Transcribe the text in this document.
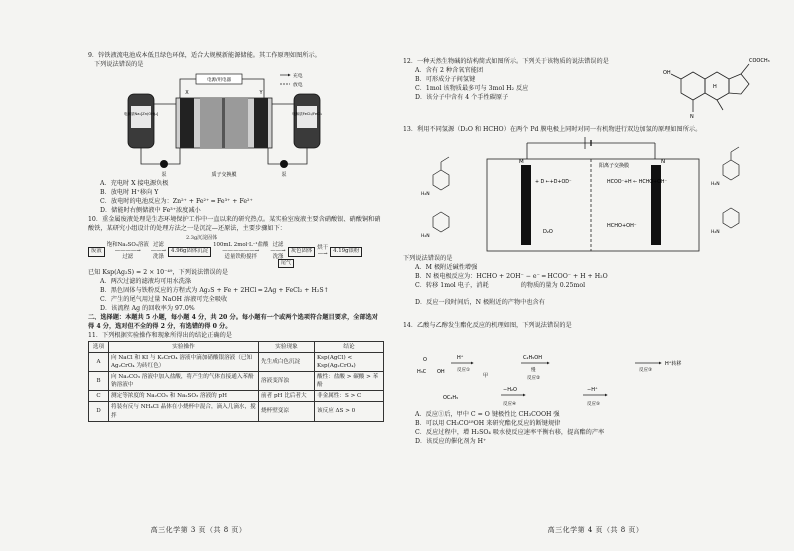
9．锌铁液流电池成本低且绿色环保，适合大规模新能源储能。其工作原理如图所示。

下列说法错误的是

电源/用电器
充电
放电
X	Y
电解质Na₂[Zn(OH)₄]	电解质FeCl₃/FeCl₂
泵	质子交换膜	泵

A．充电时 X 接电源负极

B．放电时 H⁺移向 Y

C．放电时的电池反应为：Zn²⁺ + Fe²⁺ ═ Fe³⁺ + Fe²⁺

D．储能时右侧储液中 Fe³⁺浓度减小

10．重金属废液处理是生态环境保护工作中一直以来的研究热点。某实验室废液主要含硝酸银、硝酸铜和硝酸铁，某研究小组设计的处理方法之一是沉淀—还原法，主要步骤如下：

2.3g沉淀固体
废液
饱和Na₂SO₃溶液
————→
过滤
过滤
——→
洗涤
4.96g固体沉淀
100mL 2mol·L⁻¹盐酸
——————→
适量铁粉搅拌
过滤
——→
洗涤
灰色固体
烘干
—→	4.19g银粉
尾气

已知 Ksp(Ag₂S) = 2 × 10⁻⁴⁹，下列说法错误的是

A．两次过滤的滤液均可用水洗涤

B．黑色固体与铁粉反应的方程式为 Ag₂S + Fe + 2HCl ═ 2Ag + FeCl₂ + H₂S↑

C．产生的尾气用过量 NaOH 溶液可完全吸收

D．该流程 Ag 的回收率为 97.0%

二、选择题：本题共 5 小题，每小题 4 分，共 20 分。每小题有一个或两个选项符合题目要求，全部选对得 4 分，选对但不全的得 2 分，有选错的得 0 分。

11．下列根据实验操作和现象所得出的结论正确的是

选项	实验操作	实验现象	结论
A	向 NaCl 和 KI 与 K₂CrO₄ 溶液中滴加硝酸银溶液（已知 Ag₂CrO₄ 为砖红色）	先生成白色沉淀	Ksp(AgCl) < Ksp(Ag₂CrO₄)
B	向 Na₂CO₃ 溶液中加入盐酸，将产生的气体直接通入苯酚钠溶液中	溶液变浑浊	酸性：盐酸 > 碳酸 > 苯酚
C	测定等浓度的 Na₂CO₃ 和 Na₂SO₃ 溶液的 pH	前者 pH 比后者大	非金属性：S > C
D	将装有反与 NH₄Cl 晶体在小烧杯中混合，滴入几滴水，搅拌	烧杯壁变凉	该反应 ΔS > 0
高三化学第 3 页（共 8 页）

12．一种天然生物碱的结构简式如图所示。下列关于该物质的说法错误的是

A．含有 2 种含氧官能团

B．可形成分子间氢键

C．1mol 该物质最多可与 3mol H₂ 反应

D．该分子中含有 4 个手性碳原子

COOCH₃
OH
N
H

13．利用不同氢源（D₂O 和 HCHO）在两个 Pd 膜电极上同时对同一有机物进行双边加氢的原理如图所示。

M	N
阳离子交换膜
+ D ←+D+OD⁻	HCOO⁻+H ← HCHO+OH⁻
D₂O
HCHO+OH⁻
H₂N
H₂N
H₂N
H₂N

下列说法错误的是

A．M 极附近碱性增强

B．N 极电极反应为：HCHO + 2OH⁻ − e⁻ ═ HCOO⁻ + H + H₂O

C．转移 1mol 电子，消耗	的物质的量为 0.25mol

D．反应一段时间后，N 极附近的产物中也含有

14．乙酸与乙醇发生酯化反应的机理如图，下列说法错误的是

O
H₃C OH
H⁺
反应①
甲
C₂H₅OH
慢
反应②
H⁺转移
反应③
OC₂H₅
−H₂O
反应④
−H⁺
反应⑤

A．反应①后，甲中 C = O 键极性比 CH₃COOH 强

B．可以用 CH₃CO¹⁸OH 来研究酯化反应的断键规律

C．反应过程中，增 H₂SO₄ 吸水使反应速率平衡右移，提高酯的产率

D．该反应的催化剂为 H⁺

高三化学第 4 页（共 8 页）
